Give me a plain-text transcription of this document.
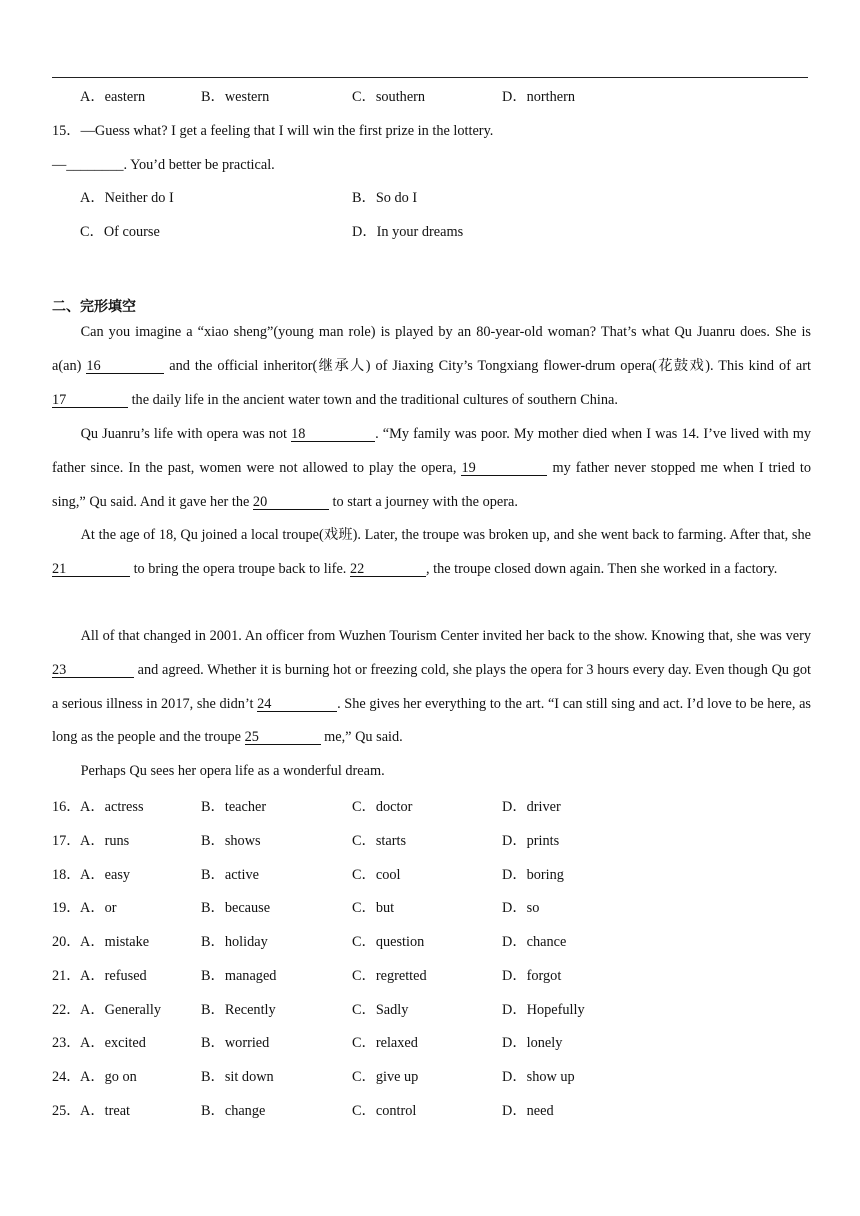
A．eastern	B．western	C．southern	D．northern
15．—Guess what? I get a feeling that I will win the first prize in the lottery.
—________. You’d better be practical.
A．Neither do I	B．So do I
C．Of course	D．In your dreams
二、完形填空
Can you imagine a “xiao sheng”(young man role) is played by an 80-year-old woman? That’s what Qu Juanru does. She is a(an) 16	and the official inheritor(继承人) of Jiaxing City’s Tongxiang flower-drum opera(花鼓戏). This kind of art 17	the daily life in the ancient water town and the traditional cultures of southern China.
Qu Juanru’s life with opera was not 18	. “My family was poor. My mother died when I was 14. I’ve lived with my father since. In the past, women were not allowed to play the opera, 19	my father never stopped me when I tried to sing,” Qu said. And it gave her the 20	to start a journey with the opera.
At the age of 18, Qu joined a local troupe(戏班). Later, the troupe was broken up, and she went back to farming. After that, she 21	to bring the opera troupe back to life. 22	, the troupe closed down again. Then she worked in a factory.
All of that changed in 2001. An officer from Wuzhen Tourism Center invited her back to the show. Knowing that, she was very 23	and agreed. Whether it is burning hot or freezing cold, she plays the opera for 3 hours every day. Even though Qu got a serious illness in 2017, she didn’t 24	. She gives her everything to the art. “I can still sing and act. I’d love to be here, as long as the people and the troupe 25	me,” Qu said.
Perhaps Qu sees her opera life as a wonderful dream.
16． A．actress	B．teacher	C．doctor	D．driver
17． A．runs	B．shows	C．starts	D．prints
18． A．easy	B．active	C．cool	D．boring
19． A．or	B．because	C．but	D．so
20． A．mistake	B．holiday	C．question	D．chance
21． A．refused	B．managed	C．regretted	D．forgot
22． A．Generally	B．Recently	C．Sadly	D．Hopefully
23． A．excited	B．worried	C．relaxed	D．lonely
24． A．go on	B．sit down	C．give up	D．show up
25． A．treat	B．change	C．control	D．need
